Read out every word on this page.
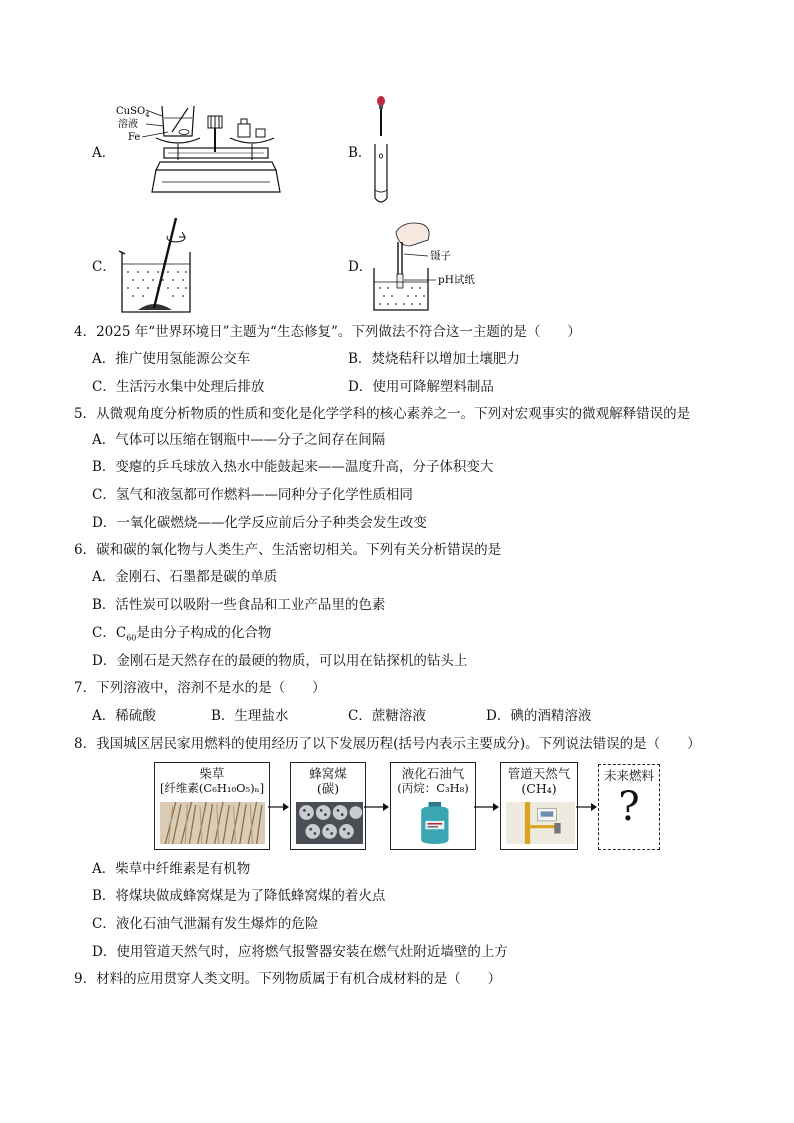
A．
CuSO$_4$
溶液
Fe
B．
C．	D．
镊子
pH试纸
4．2025 年“世界环境日”主题为“生态修复”。下列做法不符合这一主题的是（　　）
A．推广使用氢能源公交车	B．焚烧秸秆以增加土壤肥力
C．生活污水集中处理后排放	D．使用可降解塑料制品
5．从微观角度分析物质的性质和变化是化学学科的核心素养之一。下列对宏观事实的微观解释错误的是
A．气体可以压缩在钢瓶中——分子之间存在间隔
B．变瘪的乒乓球放入热水中能鼓起来——温度升高，分子体积变大
C．氢气和液氢都可作燃料——同种分子化学性质相同
D．一氧化碳燃烧——化学反应前后分子种类会发生改变
6．碳和碳的氧化物与人类生产、生活密切相关。下列有关分析错误的是
A．金刚石、石墨都是碳的单质
B．活性炭可以吸附一些食品和工业产品里的色素
C．$C_{60}$是由分子构成的化合物
D．金刚石是天然存在的最硬的物质，可以用在钻探机的钻头上
7．下列溶液中，溶剂不是水的是（　　）
A．稀硫酸	B．生理盐水	C．蔗糖溶液	D．碘的酒精溶液
8．我国城区居民家用燃料的使用经历了以下发展历程(括号内表示主要成分)。下列说法错误的是（　　）
柴草
[纤维素(C₆H₁₀O₅)ₙ]
蜂窝煤
(碳)
液化石油气
(丙烷：C₃H₈)
管道天然气
(CH₄)
未来燃料
?
A．柴草中纤维素是有机物
B．将煤块做成蜂窝煤是为了降低蜂窝煤的着火点
C．液化石油气泄漏有发生爆炸的危险
D．使用管道天然气时，应将燃气报警器安装在燃气灶附近墙壁的上方
9．材料的应用贯穿人类文明。下列物质属于有机合成材料的是（　　）
